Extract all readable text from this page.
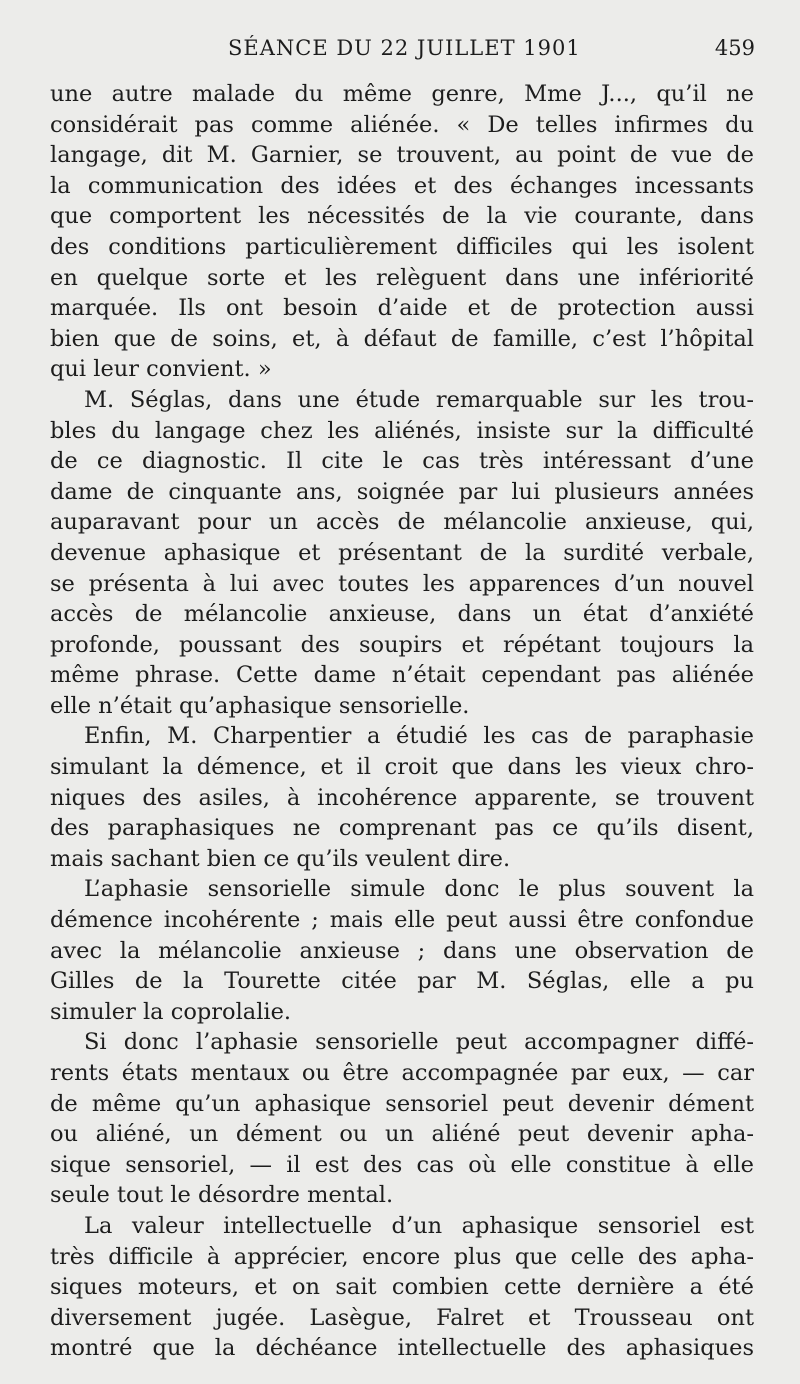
SÉANCE DU 22 JUILLET 1901	459
une autre malade du même genre, Mme J..., qu’il ne
considérait pas comme aliénée. « De telles infirmes du
langage, dit M. Garnier, se trouvent, au point de vue de
la communication des idées et des échanges incessants
que comportent les nécessités de la vie courante, dans
des conditions particulièrement difficiles qui les isolent
en quelque sorte et les relèguent dans une infériorité
marquée. Ils ont besoin d’aide et de protection aussi
bien que de soins, et, à défaut de famille, c’est l’hôpital
qui leur convient. »
M. Séglas, dans une étude remarquable sur les trou-
bles du langage chez les aliénés, insiste sur la difficulté
de ce diagnostic. Il cite le cas très intéressant d’une
dame de cinquante ans, soignée par lui plusieurs années
auparavant pour un accès de mélancolie anxieuse, qui,
devenue aphasique et présentant de la surdité verbale,
se présenta à lui avec toutes les apparences d’un nouvel
accès de mélancolie anxieuse, dans un état d’anxiété
profonde, poussant des soupirs et répétant toujours la
même phrase. Cette dame n’était cependant pas aliénée
elle n’était qu’aphasique sensorielle.
Enfin, M. Charpentier a étudié les cas de paraphasie
simulant la démence, et il croit que dans les vieux chro-
niques des asiles, à incohérence apparente, se trouvent
des paraphasiques ne comprenant pas ce qu’ils disent,
mais sachant bien ce qu’ils veulent dire.
L’aphasie sensorielle simule donc le plus souvent la
démence incohérente ; mais elle peut aussi être confondue
avec la mélancolie anxieuse ; dans une observation de
Gilles de la Tourette citée par M. Séglas, elle a pu
simuler la coprolalie.
Si donc l’aphasie sensorielle peut accompagner diffé-
rents états mentaux ou être accompagnée par eux, — car
de même qu’un aphasique sensoriel peut devenir dément
ou aliéné, un dément ou un aliéné peut devenir apha-
sique sensoriel, — il est des cas où elle constitue à elle
seule tout le désordre mental.
La valeur intellectuelle d’un aphasique sensoriel est
très difficile à apprécier, encore plus que celle des apha-
siques moteurs, et on sait combien cette dernière a été
diversement jugée. Lasègue, Falret et Trousseau ont
montré que la déchéance intellectuelle des aphasiques
